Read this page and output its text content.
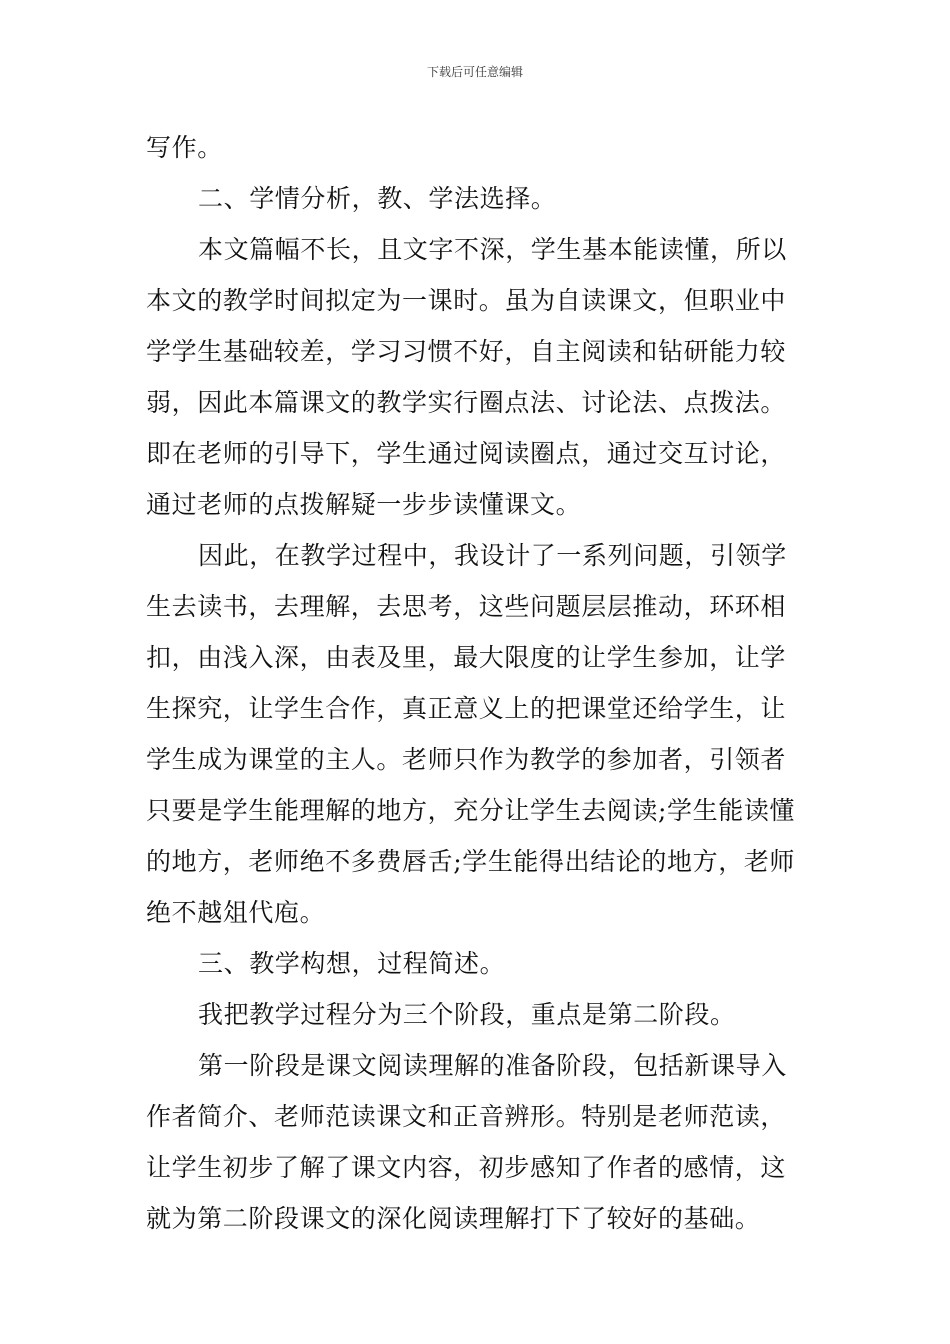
下载后可任意编辑
写作。
二、学情分析，教、学法选择。
本文篇幅不长，且文字不深，学生基本能读懂，所以
本文的教学时间拟定为一课时。虽为自读课文，但职业中
学学生基础较差，学习习惯不好，自主阅读和钻研能力较
弱，因此本篇课文的教学实行圈点法、讨论法、点拨法。
即在老师的引导下，学生通过阅读圈点，通过交互讨论，
通过老师的点拨解疑一步步读懂课文。
因此，在教学过程中，我设计了一系列问题，引领学
生去读书，去理解，去思考，这些问题层层推动，环环相
扣，由浅入深，由表及里，最大限度的让学生参加，让学
生探究，让学生合作，真正意义上的把课堂还给学生，让
学生成为课堂的主人。老师只作为教学的参加者，引领者
只要是学生能理解的地方，充分让学生去阅读;学生能读懂
的地方，老师绝不多费唇舌;学生能得出结论的地方，老师
绝不越俎代庖。
三、教学构想，过程简述。
我把教学过程分为三个阶段，重点是第二阶段。
第一阶段是课文阅读理解的准备阶段，包括新课导入
作者简介、老师范读课文和正音辨形。特别是老师范读，
让学生初步了解了课文内容，初步感知了作者的感情，这
就为第二阶段课文的深化阅读理解打下了较好的基础。
